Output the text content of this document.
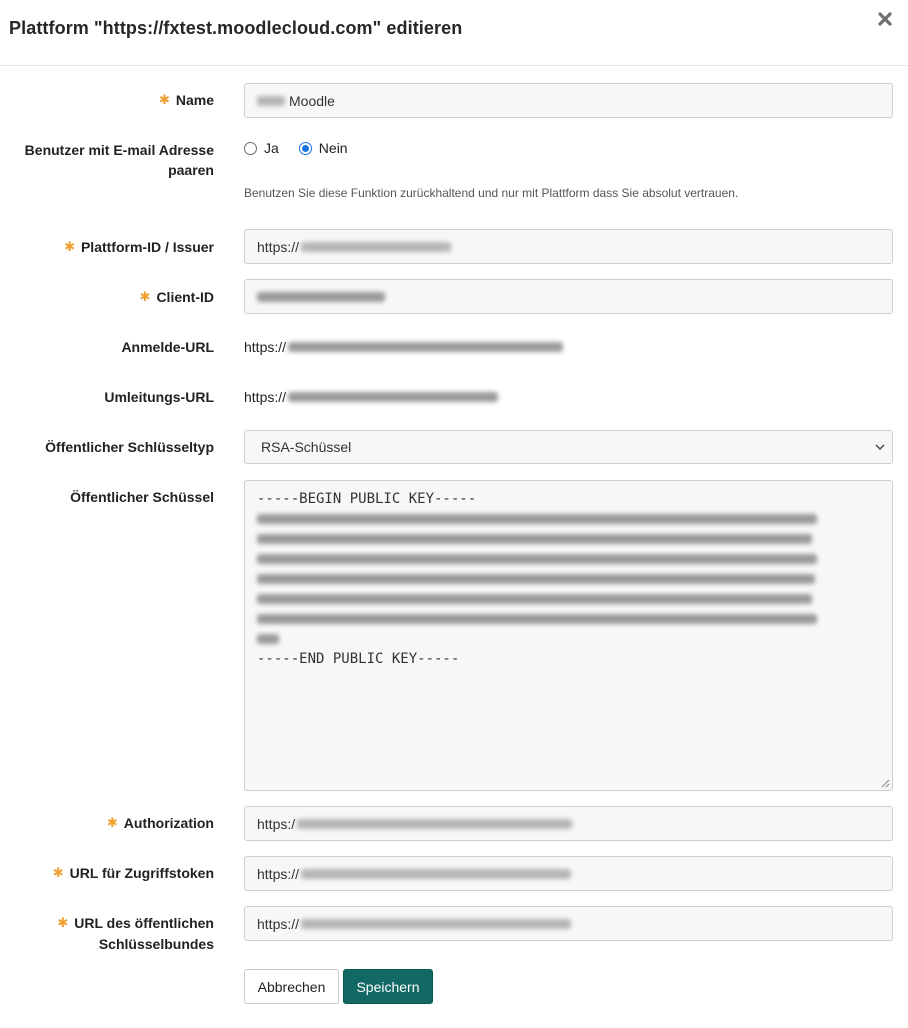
Plattform "https://fxtest.moodlecloud.com" editieren
✱ Name	Moodle
Benutzer mit E-mail Adresse
paaren
Ja	Nein
Benutzen Sie diese Funktion zurückhaltend und nur mit Plattform dass Sie absolut vertrauen.
✱ Plattform-ID / Issuer	https://
✱ Client-ID
Anmelde-URL https://
Umleitungs-URL https://
Öffentlicher Schlüsseltyp	RSA-Schüssel
Öffentlicher Schüssel	-----BEGIN PUBLIC KEY-----
-----END PUBLIC KEY-----
✱ Authorization	https:/
✱ URL für Zugriffstoken	https://
✱ URL des öffentlichen
Schlüsselbundes
https://
Abbrechen	Speichern
